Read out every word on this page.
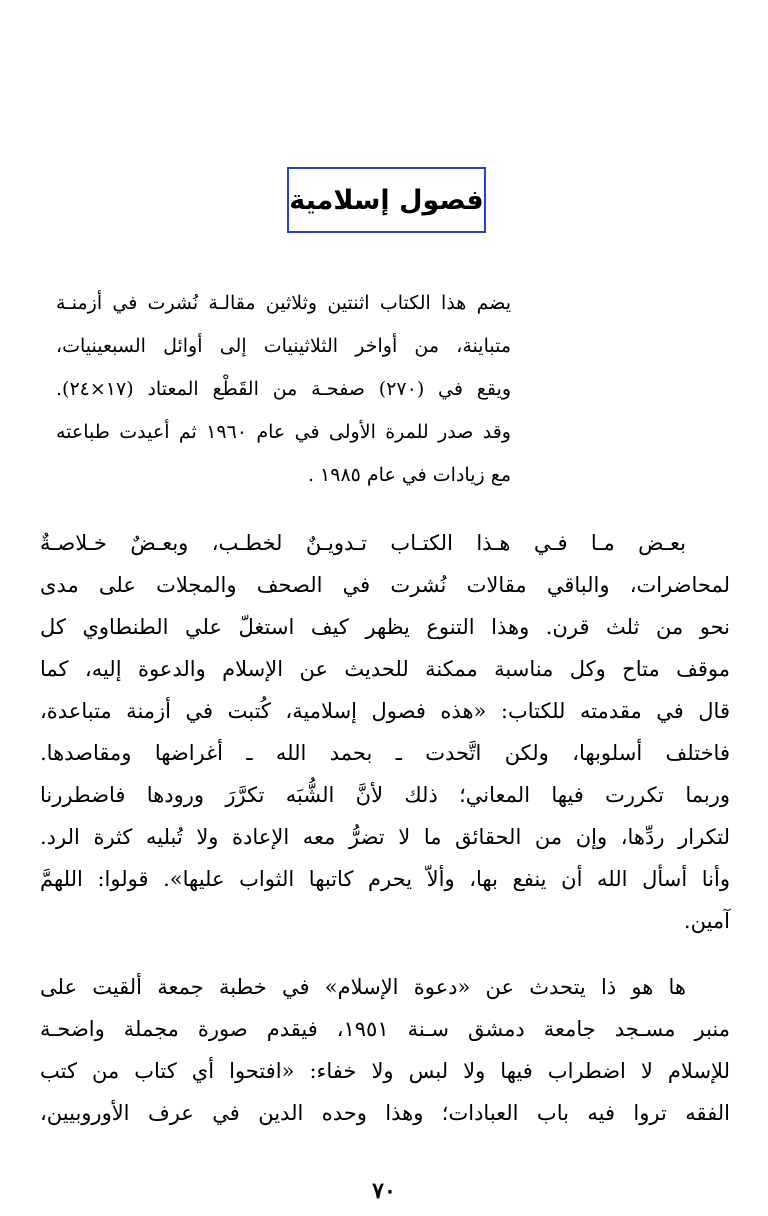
فصول إسلامية
يضم هذا الكتاب اثنتين وثلاثين مقالـة نُشرت في أزمنـة
متباينة، من أواخر الثلاثينيات إلى أوائل السبعينيات،
ويقع في (٢٧٠) صفحـة من القَطْع المعتاد (١٧×٢٤).
وقد صدر للمرة الأولى في عام ١٩٦٠ ثم أعيدت طباعته
مع زيادات في عام ١٩٨٥ .
بعـض مـا فـي هـذا الكتـاب تـدويـنٌ لخطـب، وبعـضٌ خـلاصـةٌ
لمحاضرات، والباقي مقالات نُشرت في الصحف والمجلات على مدى
نحو من ثلث قرن. وهذا التنوع يظهر كيف استغلّ علي الطنطاوي كل
موقف متاح وكل مناسبة ممكنة للحديث عن الإسلام والدعوة إليه، كما
قال في مقدمته للكتاب: «هذه فصول إسلامية، كُتبت في أزمنة متباعدة،
فاختلف أسلوبها، ولكن اتَّحدت ـ بحمد الله ـ أغراضها ومقاصدها.
وربما تكررت فيها المعاني؛ ذلك لأنَّ الشُّبَه تكرَّرَ ورودها فاضطررنا
لتكرار ردِّها، وإن من الحقائق ما لا تضرُّ معه الإعادة ولا تُبليه كثرة الرد.
وأنا أسأل الله أن ينفع بها، وألاّ يحرم كاتبها الثواب عليها». قولوا: اللهمَّ
آمين.
ها هو ذا يتحدث عن «دعوة الإسلام» في خطبة جمعة ألقيت على
منبر مسـجد جامعة دمشق سـنة ١٩٥١، فيقدم صورة مجملة واضحـة
للإسلام لا اضطراب فيها ولا لبس ولا خفاء: «افتحوا أي كتاب من كتب
الفقه تروا فيه باب العبادات؛ وهذا وحده الدين في عرف الأوروبيين،
٧٠
